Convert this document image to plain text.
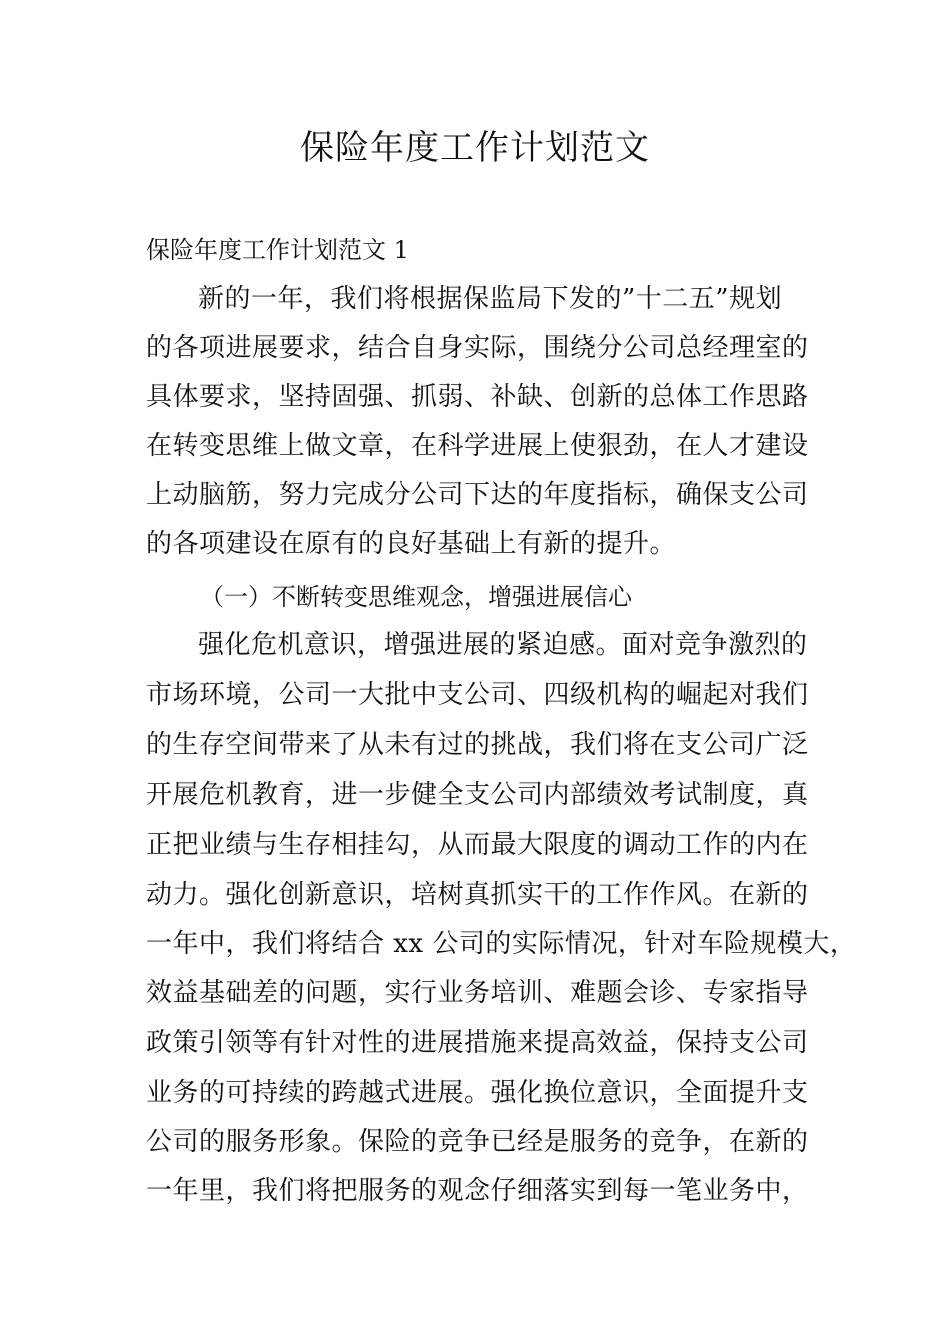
保险年度工作计划范文
保险年度工作计划范文 1
新的一年，我们将根据保监局下发的”十二五”规划
的各项进展要求，结合自身实际，围绕分公司总经理室的
具体要求，坚持固强、抓弱、补缺、创新的总体工作思路
在转变思维上做文章，在科学进展上使狠劲，在人才建设
上动脑筋，努力完成分公司下达的年度指标，确保支公司
的各项建设在原有的良好基础上有新的提升。
（一）不断转变思维观念，增强进展信心
强化危机意识，增强进展的紧迫感。面对竞争激烈的
市场环境，公司一大批中支公司、四级机构的崛起对我们
的生存空间带来了从未有过的挑战，我们将在支公司广泛
开展危机教育，进一步健全支公司内部绩效考试制度，真
正把业绩与生存相挂勾，从而最大限度的调动工作的内在
动力。强化创新意识，培树真抓实干的工作作风。在新的
一年中，我们将结合 xx 公司的实际情况，针对车险规模大，
效益基础差的问题，实行业务培训、难题会诊、专家指导
政策引领等有针对性的进展措施来提高效益，保持支公司
业务的可持续的跨越式进展。强化换位意识，全面提升支
公司的服务形象。保险的竞争已经是服务的竞争，在新的
一年里，我们将把服务的观念仔细落实到每一笔业务中，
